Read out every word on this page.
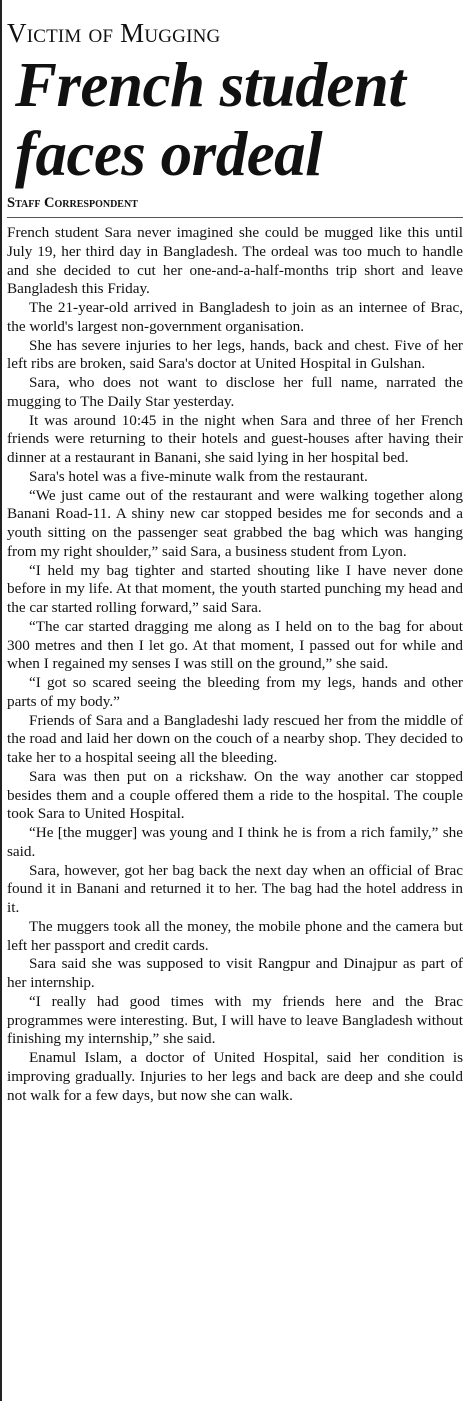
Victim of Mugging
French student faces ordeal
Staff Correspondent

French student Sara never imagined she could be mugged like this until July 19, her third day in Bangladesh. The ordeal was too much to handle and she decided to cut her one-and-a-half-months trip short and leave Bangladesh this Friday.

The 21-year-old arrived in Bangladesh to join as an internee of Brac, the world's largest non-government organisation.

She has severe injuries to her legs, hands, back and chest. Five of her left ribs are broken, said Sara's doctor at United Hospital in Gulshan.

Sara, who does not want to disclose her full name, narrated the mugging to The Daily Star yesterday.

It was around 10:45 in the night when Sara and three of her French friends were returning to their hotels and guest-houses after having their dinner at a restaurant in Banani, she said lying in her hospital bed.

Sara's hotel was a five-minute walk from the restaurant.

“We just came out of the restaurant and were walking together along Banani Road-11. A shiny new car stopped besides me for seconds and a youth sitting on the passenger seat grabbed the bag which was hanging from my right shoulder,” said Sara, a business student from Lyon.

“I held my bag tighter and started shouting like I have never done before in my life. At that moment, the youth started punching my head and the car started rolling forward,” said Sara.

“The car started dragging me along as I held on to the bag for about 300 metres and then I let go. At that moment, I passed out for while and when I regained my senses I was still on the ground,” she said.

“I got so scared seeing the bleeding from my legs, hands and other parts of my body.”

Friends of Sara and a Bangladeshi lady rescued her from the middle of the road and laid her down on the couch of a nearby shop. They decided to take her to a hospital seeing all the bleeding.

Sara was then put on a rickshaw. On the way another car stopped besides them and a couple offered them a ride to the hospital. The couple took Sara to United Hospital.

“He [the mugger] was young and I think he is from a rich family,” she said.

Sara, however, got her bag back the next day when an official of Brac found it in Banani and returned it to her. The bag had the hotel address in it.

The muggers took all the money, the mobile phone and the camera but left her passport and credit cards.

Sara said she was supposed to visit Rangpur and Dinajpur as part of her internship.

“I really had good times with my friends here and the Brac programmes were interesting. But, I will have to leave Bangladesh without finishing my internship,” she said.

Enamul Islam, a doctor of United Hospital, said her condition is improving gradually. Injuries to her legs and back are deep and she could not walk for a few days, but now she can walk.
